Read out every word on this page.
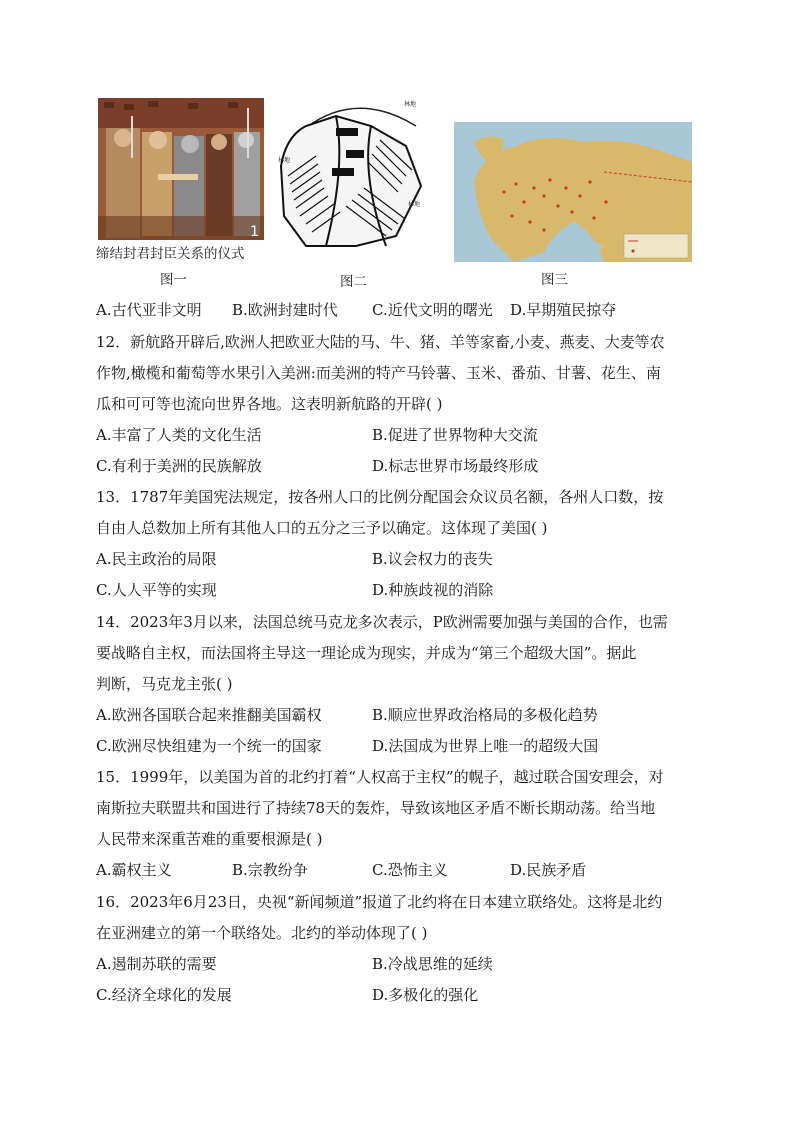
1
林地
林地
林地
缔结封君封臣关系的仪式
图一	图二	图三
A.古代亚非文明 B.欧洲封建时代 C.近代文明的曙光 D.早期殖民掠夺
12．新航路开辟后,欧洲人把欧亚大陆的马、牛、猪、羊等家畜,小麦、燕麦、大麦等农
作物,橄榄和葡萄等水果引入美洲:而美洲的特产马铃薯、玉米、番茄、甘薯、花生、南
瓜和可可等也流向世界各地。这表明新航路的开辟( )
A.丰富了人类的文化生活	B.促进了世界物种大交流
C.有利于美洲的民族解放	D.标志世界市场最终形成
13．1787年美国宪法规定，按各州人口的比例分配国会众议员名额，各州人口数，按
自由人总数加上所有其他人口的五分之三予以确定。这体现了美国( )
A.民主政治的局限	B.议会权力的丧失
C.人人平等的实现	D.种族歧视的消除
14．2023年3月以来，法国总统马克龙多次表示，P欧洲需要加强与美国的合作，也需
要战略自主权，而法国将主导这一理论成为现实，并成为“第三个超级大国”。据此
判断，马克龙主张( )
A.欧洲各国联合起来推翻美国霸权	B.顺应世界政治格局的多极化趋势
C.欧洲尽快组建为一个统一的国家	D.法国成为世界上唯一的超级大国
15．1999年，以美国为首的北约打着“人权高于主权”的幌子，越过联合国安理会，对
南斯拉夫联盟共和国进行了持续78天的轰炸，导致该地区矛盾不断长期动荡。给当地
人民带来深重苦难的重要根源是( )
A.霸权主义	B.宗教纷争	C.恐怖主义	D.民族矛盾
16．2023年6月23日，央视“新闻频道”报道了北约将在日本建立联络处。这将是北约
在亚洲建立的第一个联络处。北约的举动体现了( )
A.遏制苏联的需要	B.冷战思维的延续
C.经济全球化的发展	D.多极化的强化
